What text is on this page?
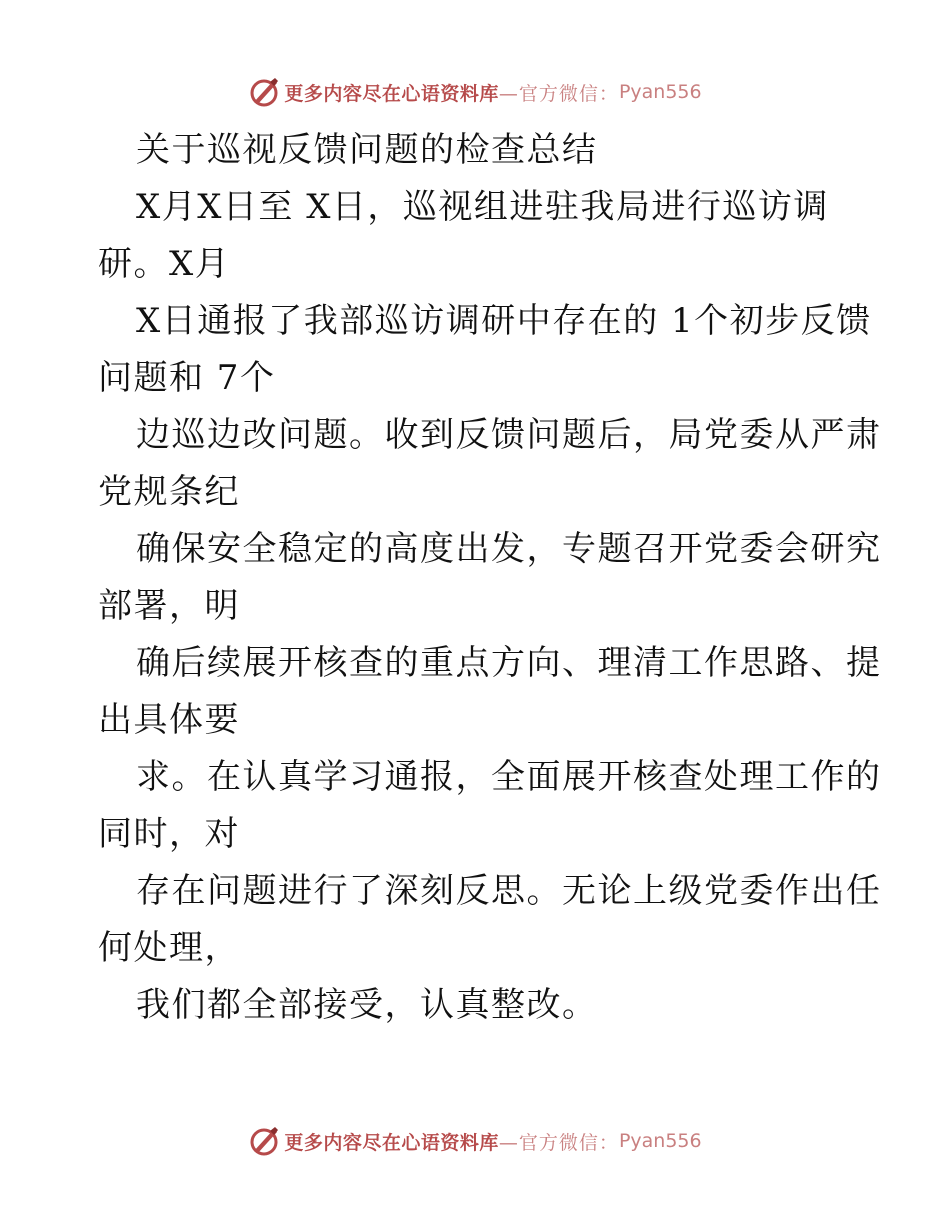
更多内容尽在心语资料库 —官方微信： Pyan556
关于巡视反馈问题的检查总结
X月X日至 X日，巡视组进驻我局进行巡访调
研。X月
X日通报了我部巡访调研中存在的 1个初步反馈
问题和 7个
边巡边改问题。收到反馈问题后，局党委从严肃
党规条纪
确保安全稳定的高度出发，专题召开党委会研究
部署，明
确后续展开核查的重点方向、理清工作思路、提
出具体要
求。在认真学习通报，全面展开核查处理工作的
同时，对
存在问题进行了深刻反思。无论上级党委作出任
何处理，
我们都全部接受，认真整改。
更多内容尽在心语资料库 —官方微信： Pyan556
